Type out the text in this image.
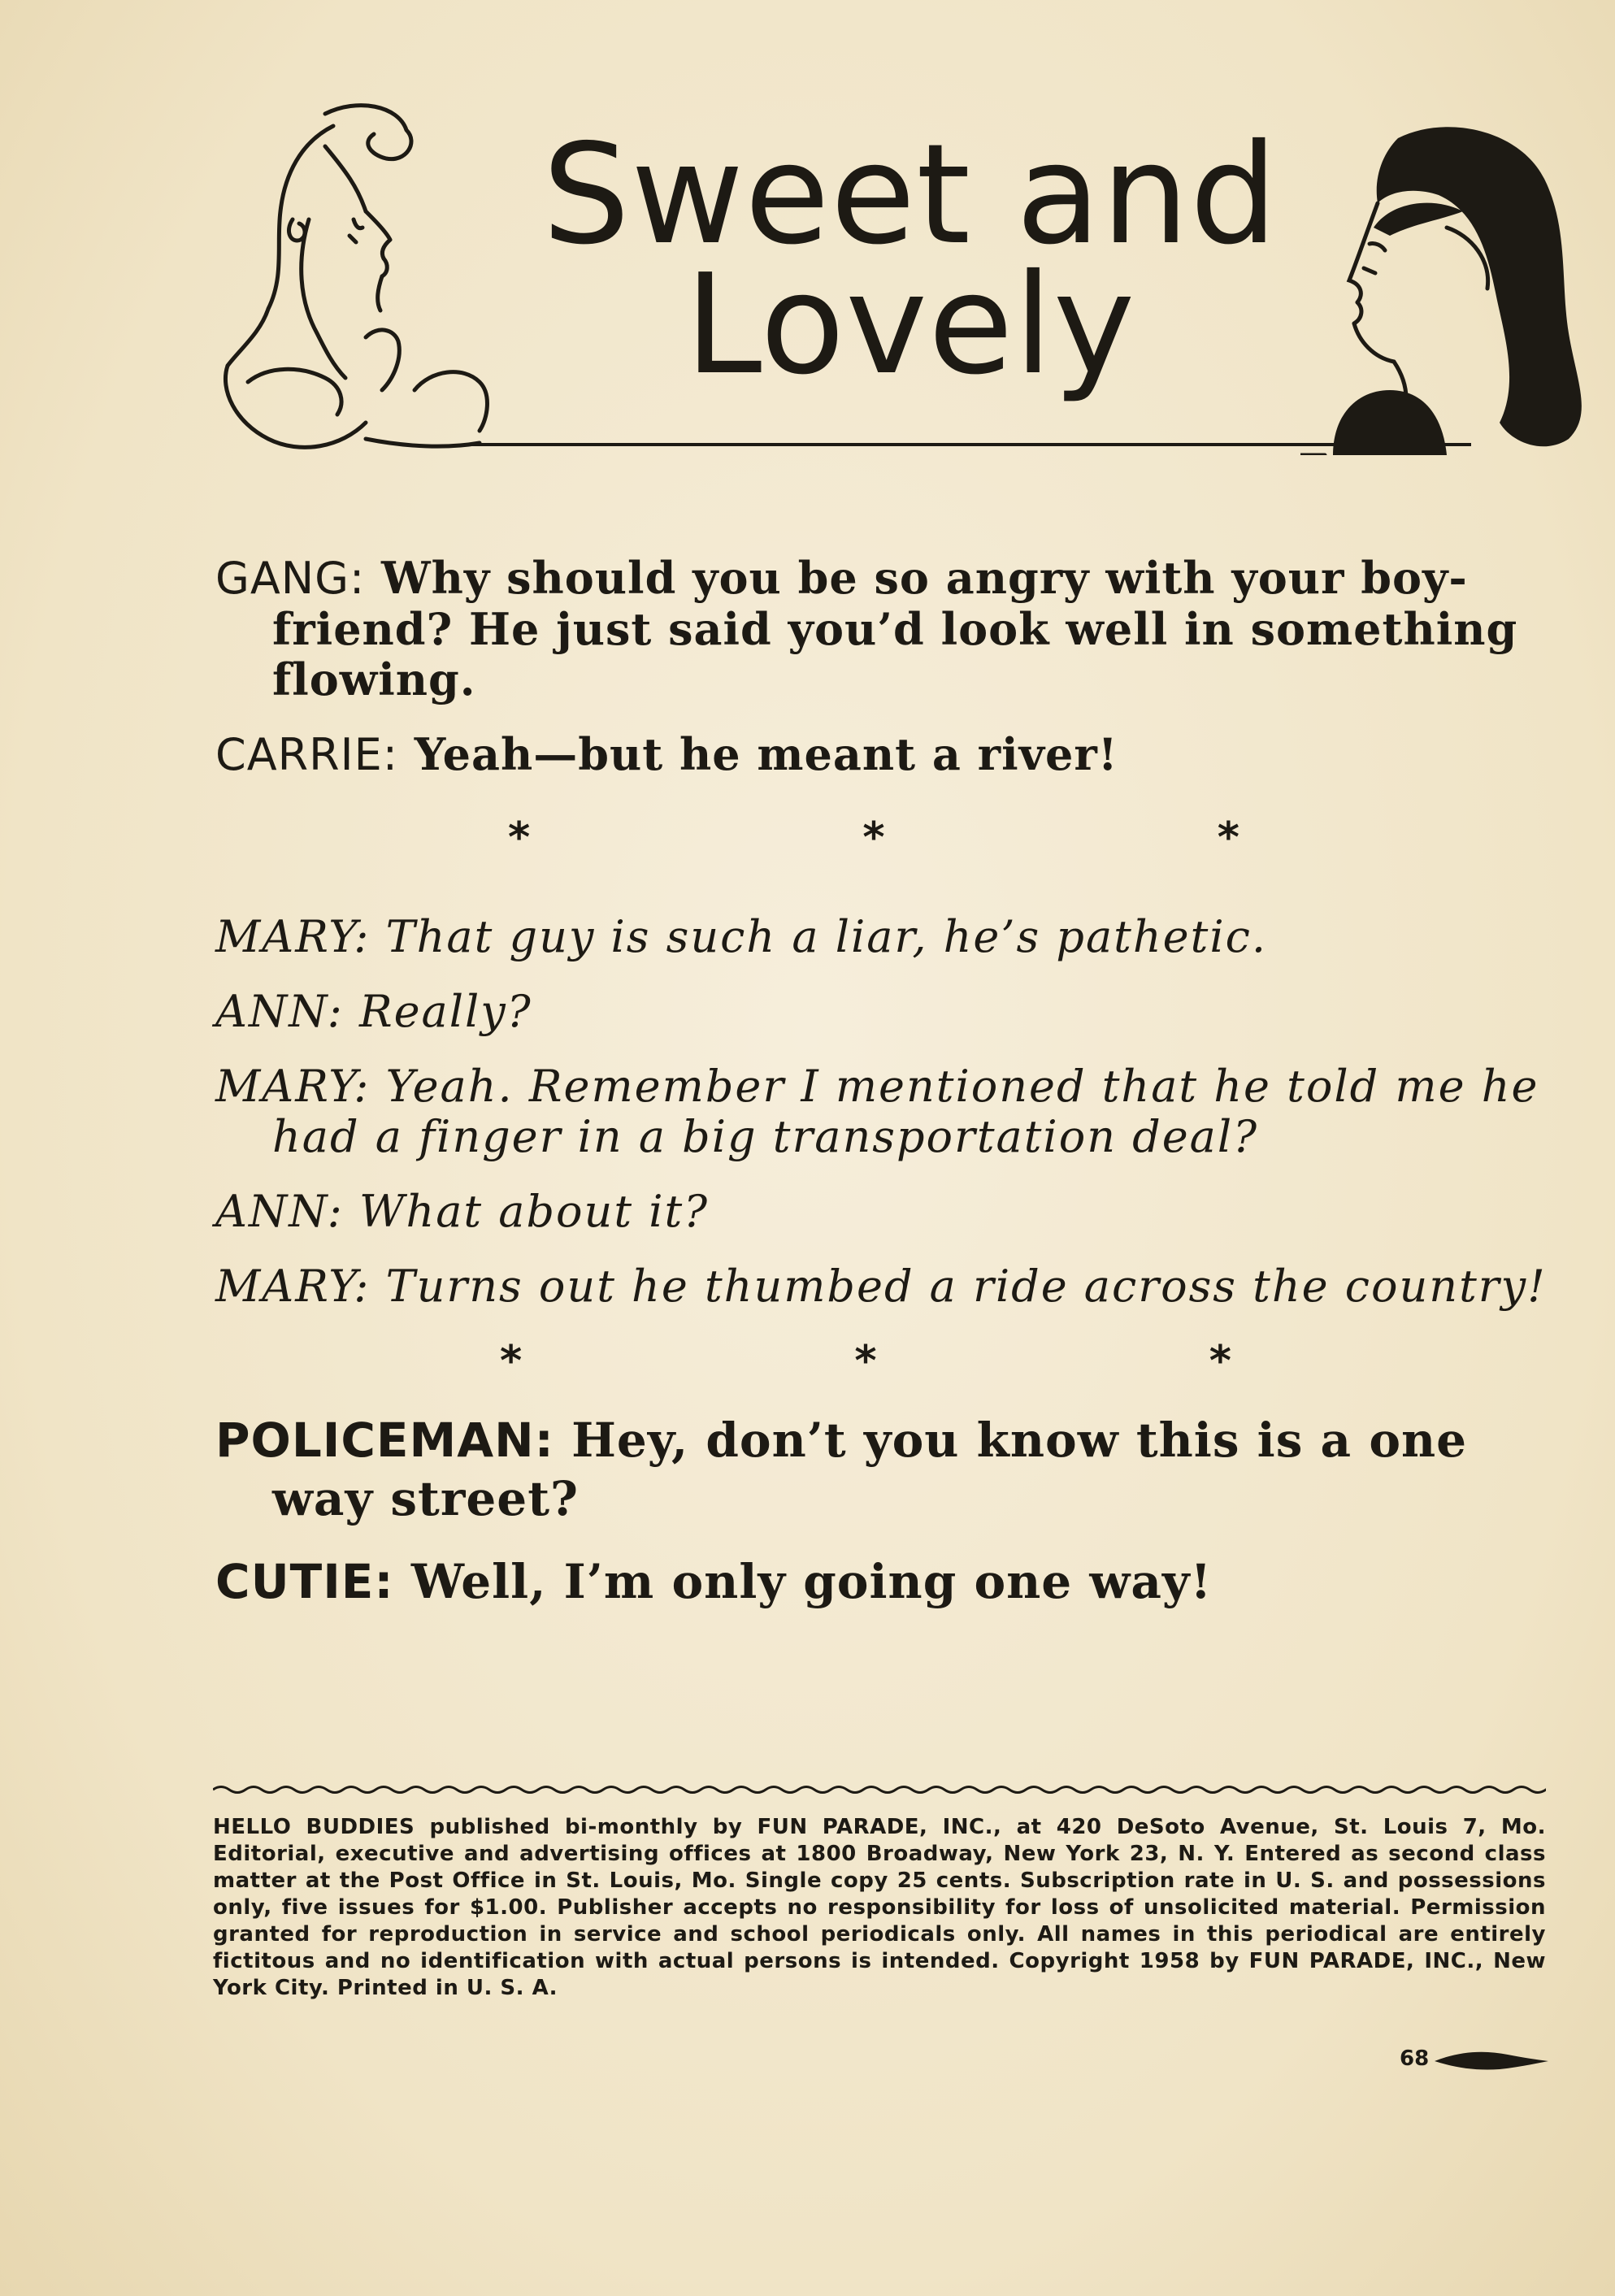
Sweet and
Lovely

GANG: Why should you be so angry with your boy-friend? He just said you’d look well in something flowing.

CARRIE: Yeah—but he meant a river!

*	*	*

MARY: That guy is such a liar, he’s pathetic.

ANN: Really?

MARY: Yeah. Remember I mentioned that he told me he had a finger in a big transportation deal?

ANN: What about it?

MARY: Turns out he thumbed a ride across the country!

*	*	*

POLICEMAN: Hey, don’t you know this is a one way street?

CUTIE: Well, I’m only going one way!

HELLO BUDDIES published bi-monthly by FUN PARADE, INC., at 420 DeSoto Avenue, St. Louis 7, Mo. Editorial, executive and advertising offices at 1800 Broadway, New York 23, N. Y. Entered as second class matter at the Post Office in St. Louis, Mo. Single copy 25 cents. Subscription rate in U. S. and possessions only, five issues for $1.00. Publisher accepts no responsibility for loss of unsolicited material. Permission granted for reproduction in service and school periodicals only. All names in this periodical are entirely fictitous and no identification with actual persons is intended. Copyright 1958 by FUN PARADE, INC., New York City. Printed in U. S. A.
68
